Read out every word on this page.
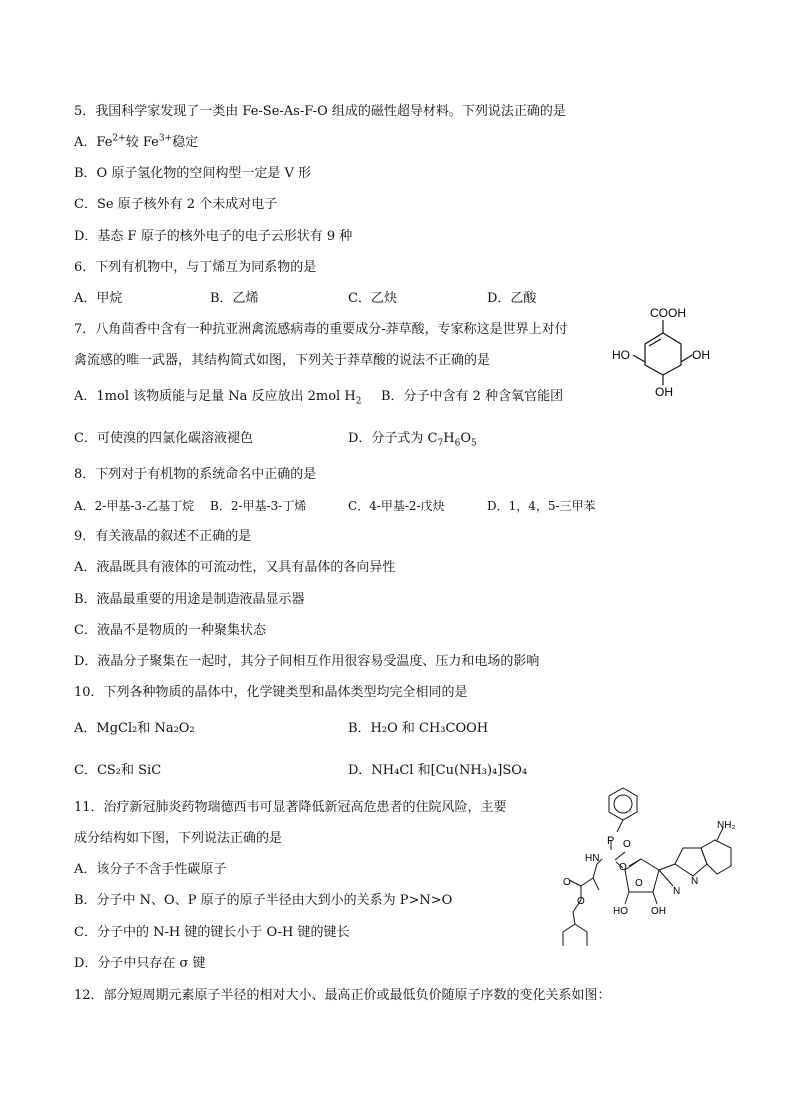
5．我国科学家发现了一类由 Fe-Se-As-F-O 组成的磁性超导材料。下列说法正确的是
A．$Fe^{2+}$较 $Fe^{3+}$稳定
B．O 原子氢化物的空间构型一定是 V 形
C．Se 原子核外有 2 个未成对电子
D．基态 F 原子的核外电子的电子云形状有 9 种
6．下列有机物中，与丁烯互为同系物的是
A．甲烷	B．乙烯	C．乙炔	D．乙酸
7．八角茴香中含有一种抗亚洲禽流感病毒的重要成分-莽草酸，专家称这是世界上对付
禽流感的唯一武器，其结构简式如图，下列关于莽草酸的说法不正确的是
A．1mol 该物质能与足量 Na 反应放出 2mol $H_2$ B．分子中含有 2 种含氧官能团
C．可使溴的四氯化碳溶液褪色	D．分子式为 $C_7H_6O_5$
COOH
HO	OH
OH
8．下列对于有机物的系统命名中正确的是
A．2-甲基-3-乙基丁烷 B．2-甲基-3-丁烯	C．4-甲基-2-戊炔	D．1，4，5-三甲苯
9．有关液晶的叙述不正确的是
A．液晶既具有液体的可流动性，又具有晶体的各向异性
B．液晶最重要的用途是制造液晶显示器
C．液晶不是物质的一种聚集状态
D．液晶分子聚集在一起时，其分子间相互作用很容易受温度、压力和电场的影响
10．下列各种物质的晶体中，化学键类型和晶体类型均完全相同的是
A．MgCl₂和 Na₂O₂	B．H₂O 和 CH₃COOH
C．CS₂和 SiC	D．NH₄Cl 和[Cu(NH₃)₄]SO₄
11．治疗新冠肺炎药物瑞德西韦可显著降低新冠高危患者的住院风险，主要
成分结构如下图，下列说法正确的是
A．该分子不含手性碳原子
B．分子中 N、O、P 原子的原子半径由大到小的关系为 P>N>O
C．分子中的 N-H 键的键长小于 O-H 键的键长
D．分子中只存在 σ 键
P O
HN
O
O
NH₂
N
N
HO OH
O
O
12．部分短周期元素原子半径的相对大小、最高正价或最低负价随原子序数的变化关系如图：
